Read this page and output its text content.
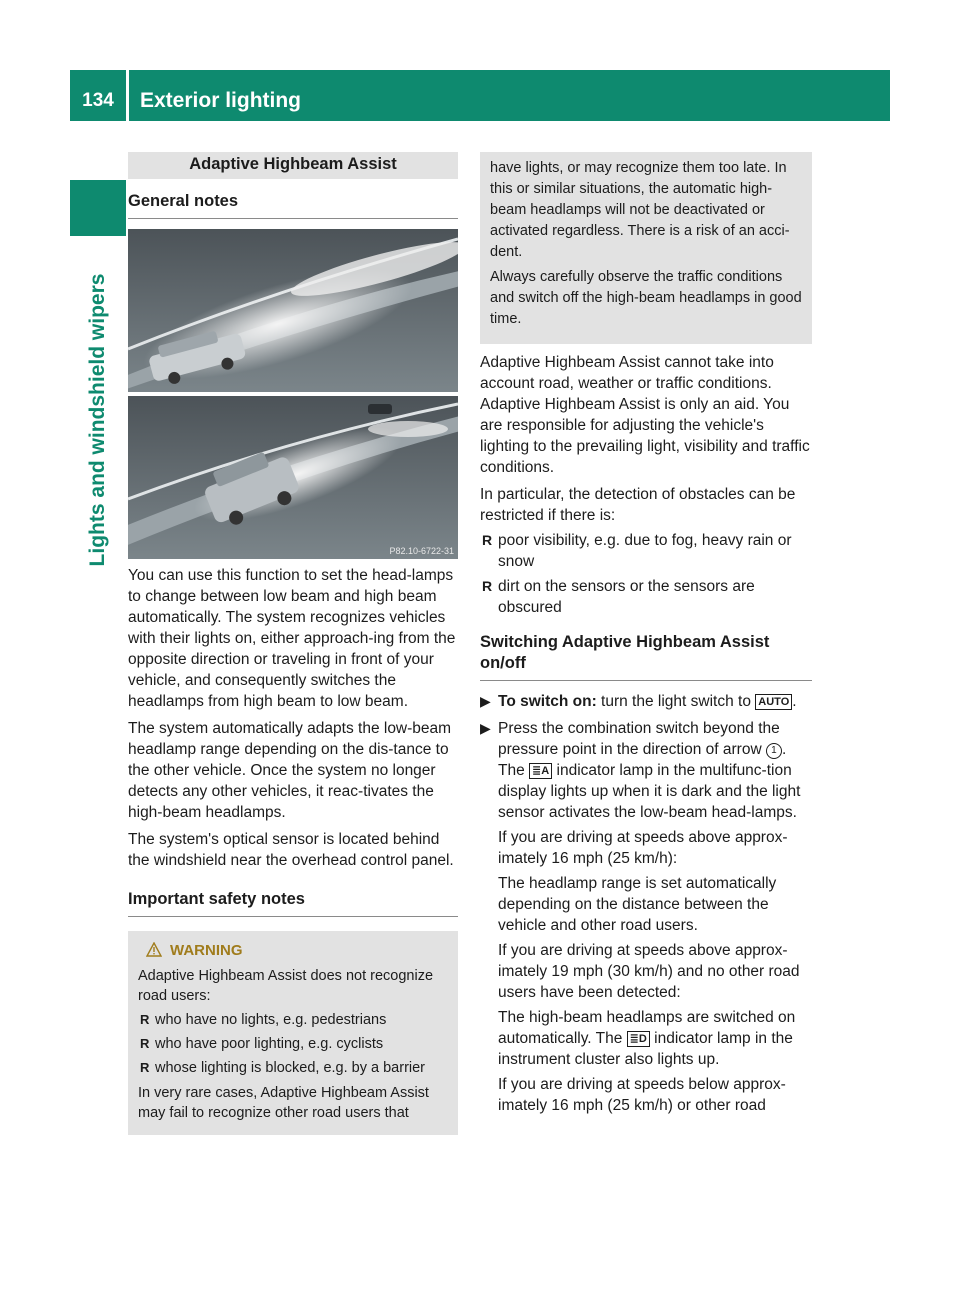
134	Exterior lighting
Lights and windshield wipers
Adaptive Highbeam Assist
General notes
P82.10-6722-31

You can use this function to set the head-lamps to change between low beam and high beam automatically. The system recognizes vehicles with their lights on, either approach-ing from the opposite direction or traveling in front of your vehicle, and consequently switches the headlamps from high beam to low beam.

The system automatically adapts the low-beam headlamp range depending on the dis-tance to the other vehicle. Once the system no longer detects any other vehicles, it reac-tivates the high-beam headlamps.

The system's optical sensor is located behind the windshield near the overhead control panel.

Important safety notes
WARNING

Adaptive Highbeam Assist does not recognize road users:

R who have no lights, e.g. pedestrians
R who have poor lighting, e.g. cyclists
R whose lighting is blocked, e.g. by a barrier

In very rare cases, Adaptive Highbeam Assist may fail to recognize other road users that

have lights, or may recognize them too late. In this or similar situations, the automatic high-beam headlamps will not be deactivated or activated regardless. There is a risk of an acci-dent.

Always carefully observe the traffic conditions and switch off the high-beam headlamps in good time.

Adaptive Highbeam Assist cannot take into account road, weather or traffic conditions. Adaptive Highbeam Assist is only an aid. You are responsible for adjusting the vehicle's lighting to the prevailing light, visibility and traffic conditions.

In particular, the detection of obstacles can be restricted if there is:

R poor visibility, e.g. due to fog, heavy rain or snow
R dirt on the sensors or the sensors are obscured
Switching Adaptive Highbeam Assist on/off
▶ To switch on: turn the light switch to AUTO .
▶ Press the combination switch beyond the pressure point in the direction of arrow 1 .
The ≣A indicator lamp in the multifunc-tion display lights up when it is dark and the light sensor activates the low-beam head-lamps.

If you are driving at speeds above approx-imately 16 mph (25 km/h):

The headlamp range is set automatically depending on the distance between the vehicle and other road users.

If you are driving at speeds above approx-imately 19 mph (30 km/h) and no other road users have been detected:

The high-beam headlamps are switched on automatically. The ≣D indicator lamp in the instrument cluster also lights up.

If you are driving at speeds below approx-imately 16 mph (25 km/h) or other road
